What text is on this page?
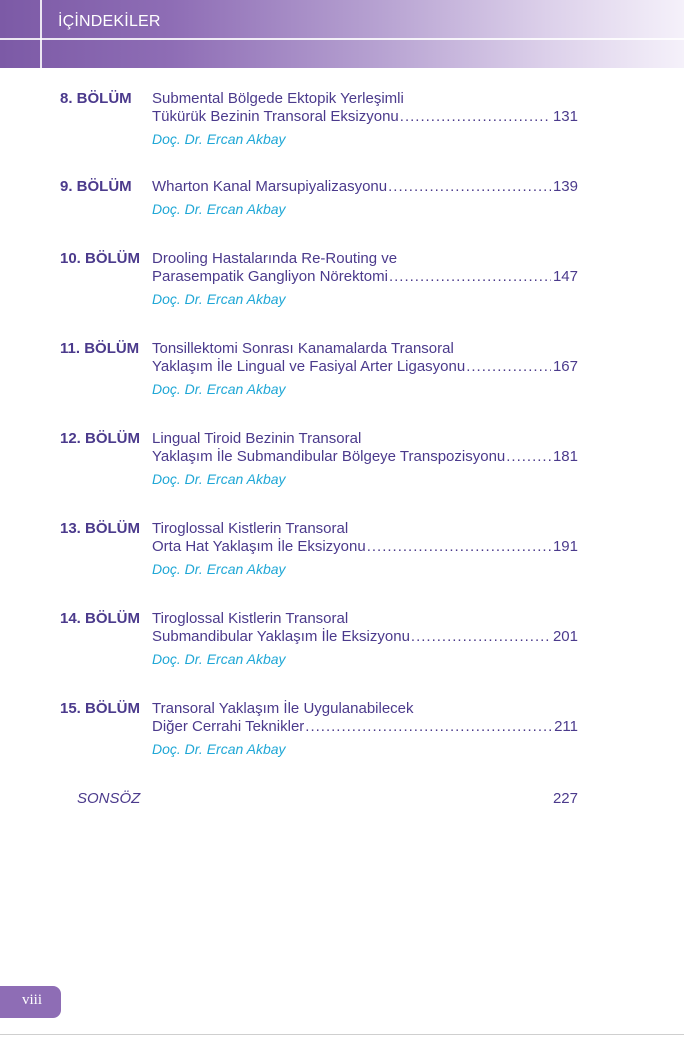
İÇİNDEKİLER
8. BÖLÜM	Submental Bölgede Ektopik Yerleşimli
Tükürük Bezinin Transoral Eksizyonu .....	131
Doç. Dr. Ercan Akbay
9. BÖLÜM	Wharton Kanal Marsupiyalizasyonu .....	139
Doç. Dr. Ercan Akbay
10. BÖLÜM Drooling Hastalarında Re-Routing ve
Parasempatik Gangliyon Nörektomi .....	147
Doç. Dr. Ercan Akbay
11. BÖLÜM Tonsillektomi Sonrası Kanamalarda Transoral
Yaklaşım İle Lingual ve Fasiyal Arter Ligasyonu .....	167
Doç. Dr. Ercan Akbay
12. BÖLÜM Lingual Tiroid Bezinin Transoral
Yaklaşım İle Submandibular Bölgeye Transpozisyonu .....	181
Doç. Dr. Ercan Akbay
13. BÖLÜM Tiroglossal Kistlerin Transoral
Orta Hat Yaklaşım İle Eksizyonu .....	191
Doç. Dr. Ercan Akbay
14. BÖLÜM Tiroglossal Kistlerin Transoral
Submandibular Yaklaşım İle Eksizyonu .....	201
Doç. Dr. Ercan Akbay
15. BÖLÜM Transoral Yaklaşım İle Uygulanabilecek
Diğer Cerrahi Teknikler .....	211
Doç. Dr. Ercan Akbay
SONSÖZ	227
viii
